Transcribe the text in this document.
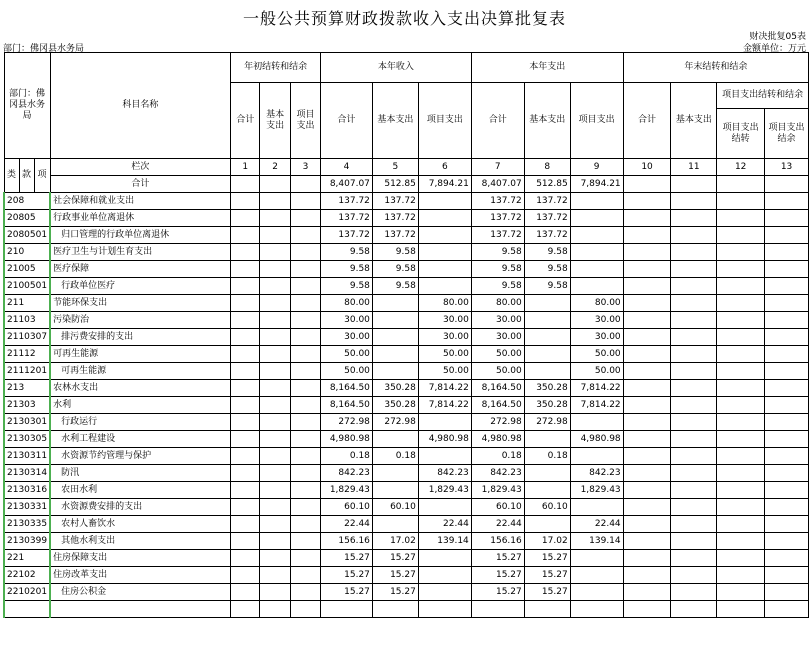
一般公共预算财政拨款收入支出决算批复表
部门：佛冈县水务局
财决批复05表
金额单位：万元
部门：佛冈县水务局			科目名称	年初结转和结余			本年收入			本年支出			年末结转和结余			
				合计	基本支出	项目支出	合计	基本支出	项目支出	合计	基本支出	项目支出	合计	基本支出	项目支出结转和结余	
															项目支出结转	项目支出结余
类	款	项	栏次	1	2	3	4	5	6	7	8	9	10	11	12	13
			合计				8,407.07	512.85	7,894.21	8,407.07	512.85	7,894.21				
208			社会保障和就业支出				137.72	137.72		137.72	137.72					
20805			行政事业单位离退休				137.72	137.72		137.72	137.72					
2080501			归口管理的行政单位离退休				137.72	137.72		137.72	137.72					
210			医疗卫生与计划生育支出				9.58	9.58		9.58	9.58					
21005			医疗保障				9.58	9.58		9.58	9.58					
2100501			行政单位医疗				9.58	9.58		9.58	9.58					
211			节能环保支出				80.00		80.00	80.00		80.00				
21103			污染防治				30.00		30.00	30.00		30.00				
2110307			排污费安排的支出				30.00		30.00	30.00		30.00				
21112			可再生能源				50.00		50.00	50.00		50.00				
2111201			可再生能源				50.00		50.00	50.00		50.00				
213			农林水支出				8,164.50	350.28	7,814.22	8,164.50	350.28	7,814.22				
21303			水利				8,164.50	350.28	7,814.22	8,164.50	350.28	7,814.22				
2130301			行政运行				272.98	272.98		272.98	272.98					
2130305			水利工程建设				4,980.98		4,980.98	4,980.98		4,980.98				
2130311			水资源节约管理与保护				0.18	0.18		0.18	0.18					
2130314			防汛				842.23		842.23	842.23		842.23				
2130316			农田水利				1,829.43		1,829.43	1,829.43		1,829.43				
2130331			水资源费安排的支出				60.10	60.10		60.10	60.10					
2130335			农村人畜饮水				22.44		22.44	22.44		22.44				
2130399			其他水利支出				156.16	17.02	139.14	156.16	17.02	139.14				
221			住房保障支出				15.27	15.27		15.27	15.27					
22102			住房改革支出				15.27	15.27		15.27	15.27					
2210201			住房公积金				15.27	15.27		15.27	15.27					
